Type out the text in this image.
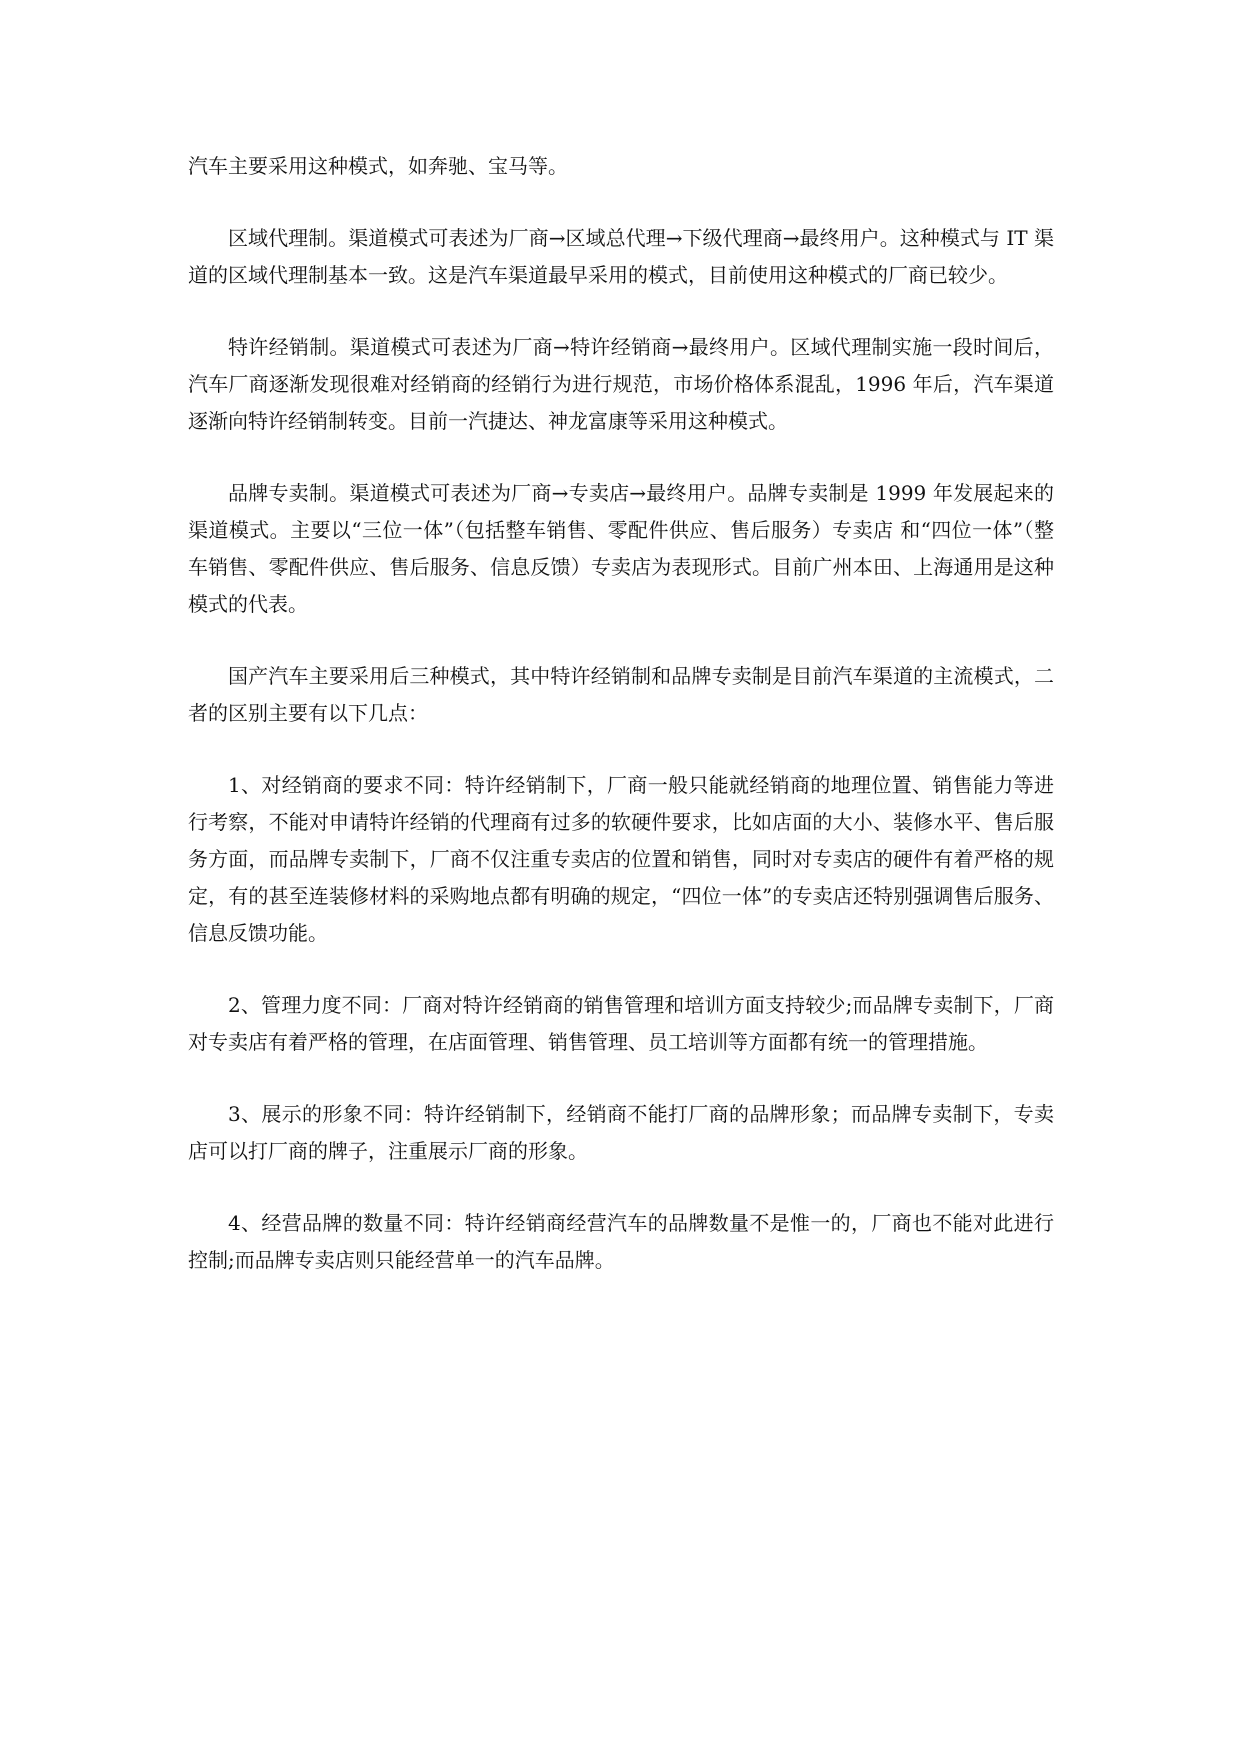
汽车主要采用这种模式，如奔驰、宝马等。

区域代理制。渠道模式可表述为厂商→区域总代理→下级代理商→最终用户。这种模式与 IT 渠道的区域代理制基本一致。这是汽车渠道最早采用的模式，目前使用这种模式的厂商已较少。

特许经销制。渠道模式可表述为厂商→特许经销商→最终用户。区域代理制实施一段时间后，汽车厂商逐渐发现很难对经销商的经销行为进行规范，市场价格体系混乱，1996 年后，汽车渠道逐渐向特许经销制转变。目前一汽捷达、神龙富康等采用这种模式。

品牌专卖制。渠道模式可表述为厂商→专卖店→最终用户。品牌专卖制是 1999 年发展起来的渠道模式。主要以“三位一体”（包括整车销售、零配件供应、售后服务）专卖店 和“四位一体”（整车销售、零配件供应、售后服务、信息反馈）专卖店为表现形式。目前广州本田、上海通用是这种模式的代表。

国产汽车主要采用后三种模式，其中特许经销制和品牌专卖制是目前汽车渠道的主流模式，二者的区别主要有以下几点：

1、对经销商的要求不同：特许经销制下，厂商一般只能就经销商的地理位置、销售能力等进行考察，不能对申请特许经销的代理商有过多的软硬件要求，比如店面的大小、装修水平、售后服务方面，而品牌专卖制下，厂商不仅注重专卖店的位置和销售，同时对专卖店的硬件有着严格的规定，有的甚至连装修材料的采购地点都有明确的规定，“四位一体”的专卖店还特别强调售后服务、信息反馈功能。

2、管理力度不同：厂商对特许经销商的销售管理和培训方面支持较少;而品牌专卖制下，厂商对专卖店有着严格的管理，在店面管理、销售管理、员工培训等方面都有统一的管理措施。

3、展示的形象不同：特许经销制下，经销商不能打厂商的品牌形象；而品牌专卖制下，专卖店可以打厂商的牌子，注重展示厂商的形象。

4、经营品牌的数量不同：特许经销商经营汽车的品牌数量不是惟一的，厂商也不能对此进行控制;而品牌专卖店则只能经营单一的汽车品牌。
